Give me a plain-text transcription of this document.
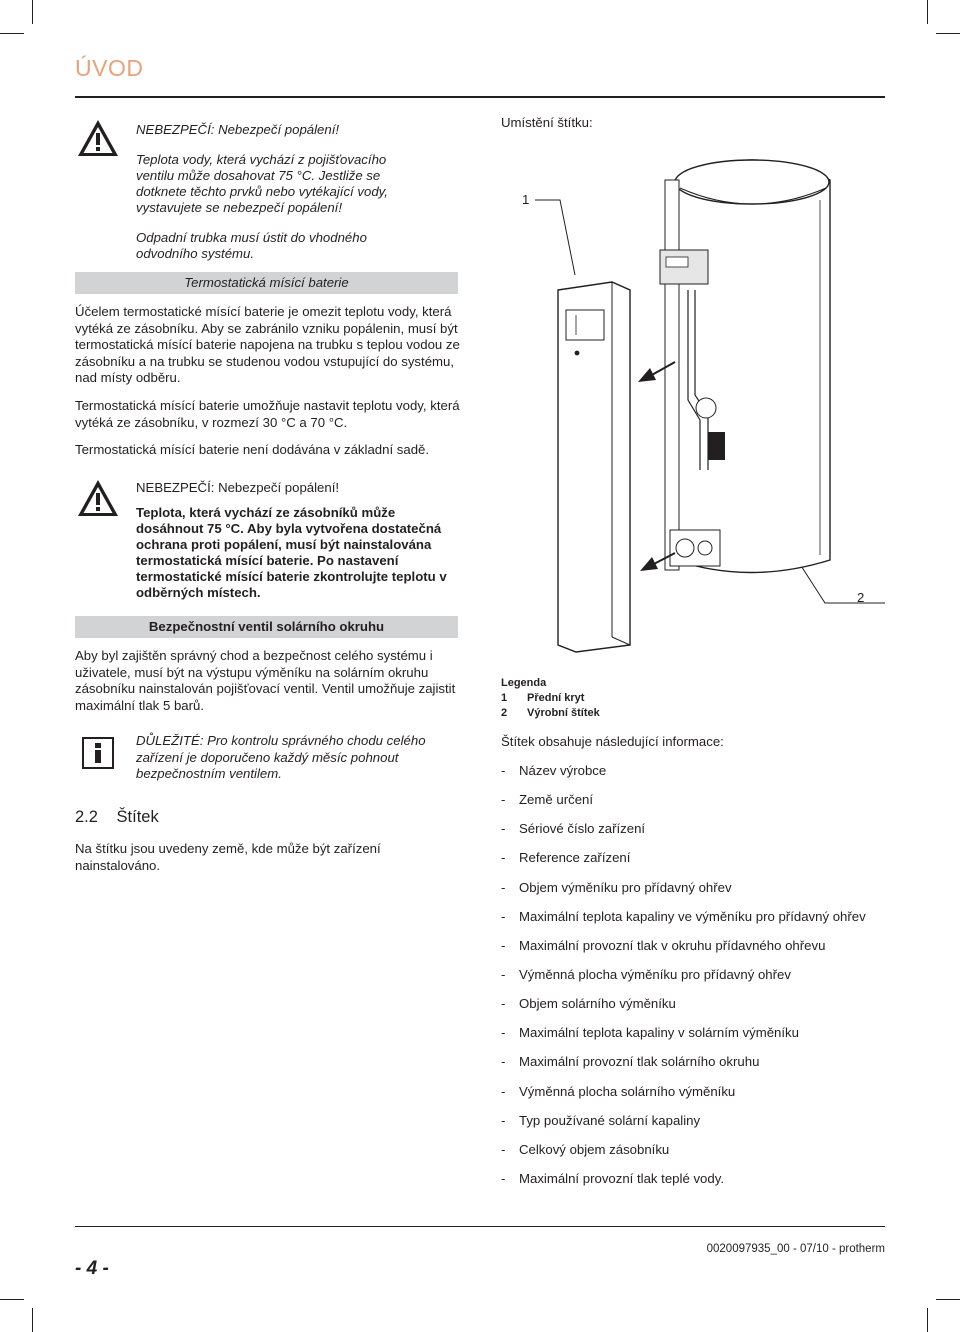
ÚVOD

NEBEZPEČÍ: Nebezpečí popálení!

Teplota vody, která vychází z pojišťovacího ventilu může dosahovat 75 °C. Jestliže se dotknete těchto prvků nebo vytékající vody, vystavujete se nebezpečí popálení!

Odpadní trubka musí ústit do vhodného odvodního systému.

Termostatická mísící baterie

Účelem termostatické mísící baterie je omezit teplotu vody, která vytéká ze zásobníku. Aby se zabránilo vzniku popálenin, musí být termostatická mísící baterie napojena na trubku s teplou vodou ze zásobníku a na trubku se studenou vodou vstupující do systému, nad místy odběru.

Termostatická mísící baterie umožňuje nastavit teplotu vody, která vytéká ze zásobníku, v rozmezí 30 °C a 70 °C.

Termostatická mísící baterie není dodávána v základní sadě.

NEBEZPEČÍ: Nebezpečí popálení!

Teplota, která vychází ze zásobníků může dosáhnout 75 °C. Aby byla vytvořena dostatečná ochrana proti popálení, musí být nainstalována termostatická mísící baterie. Po nastavení termostatické mísící baterie zkontrolujte teplotu v odběrných místech.

Bezpečnostní ventil solárního okruhu

Aby byl zajištěn správný chod a bezpečnost celého systému i uživatele, musí být na výstupu výměníku na solárním okruhu zásobníku nainstalován pojišťovací ventil. Ventil umožňuje zajistit maximální tlak 5 barů.

DŮLEŽITÉ: Pro kontrolu správného chodu celého zařízení je doporučeno každý měsíc pohnout bezpečnostním ventilem.

2.2 Štítek

Na štítku jsou uvedeny země, kde může být zařízení nainstalováno.

Umístění štítku:
1
2
Legenda
1 Přední kryt
2 Výrobní štítek

Štítek obsahuje následující informace:

- Název výrobce
- Země určení
- Sériové číslo zařízení
- Reference zařízení
- Objem výměníku pro přídavný ohřev
- Maximální teplota kapaliny ve výměníku pro přídavný ohřev
- Maximální provozní tlak v okruhu přídavného ohřevu
- Výměnná plocha výměníku pro přídavný ohřev
- Objem solárního výměníku
- Maximální teplota kapaliny v solárním výměníku
- Maximální provozní tlak solárního okruhu
- Výměnná plocha solárního výměníku
- Typ používané solární kapaliny
- Celkový objem zásobníku
- Maximální provozní tlak teplé vody.
- 4 -
0020097935_00 - 07/10 - protherm
